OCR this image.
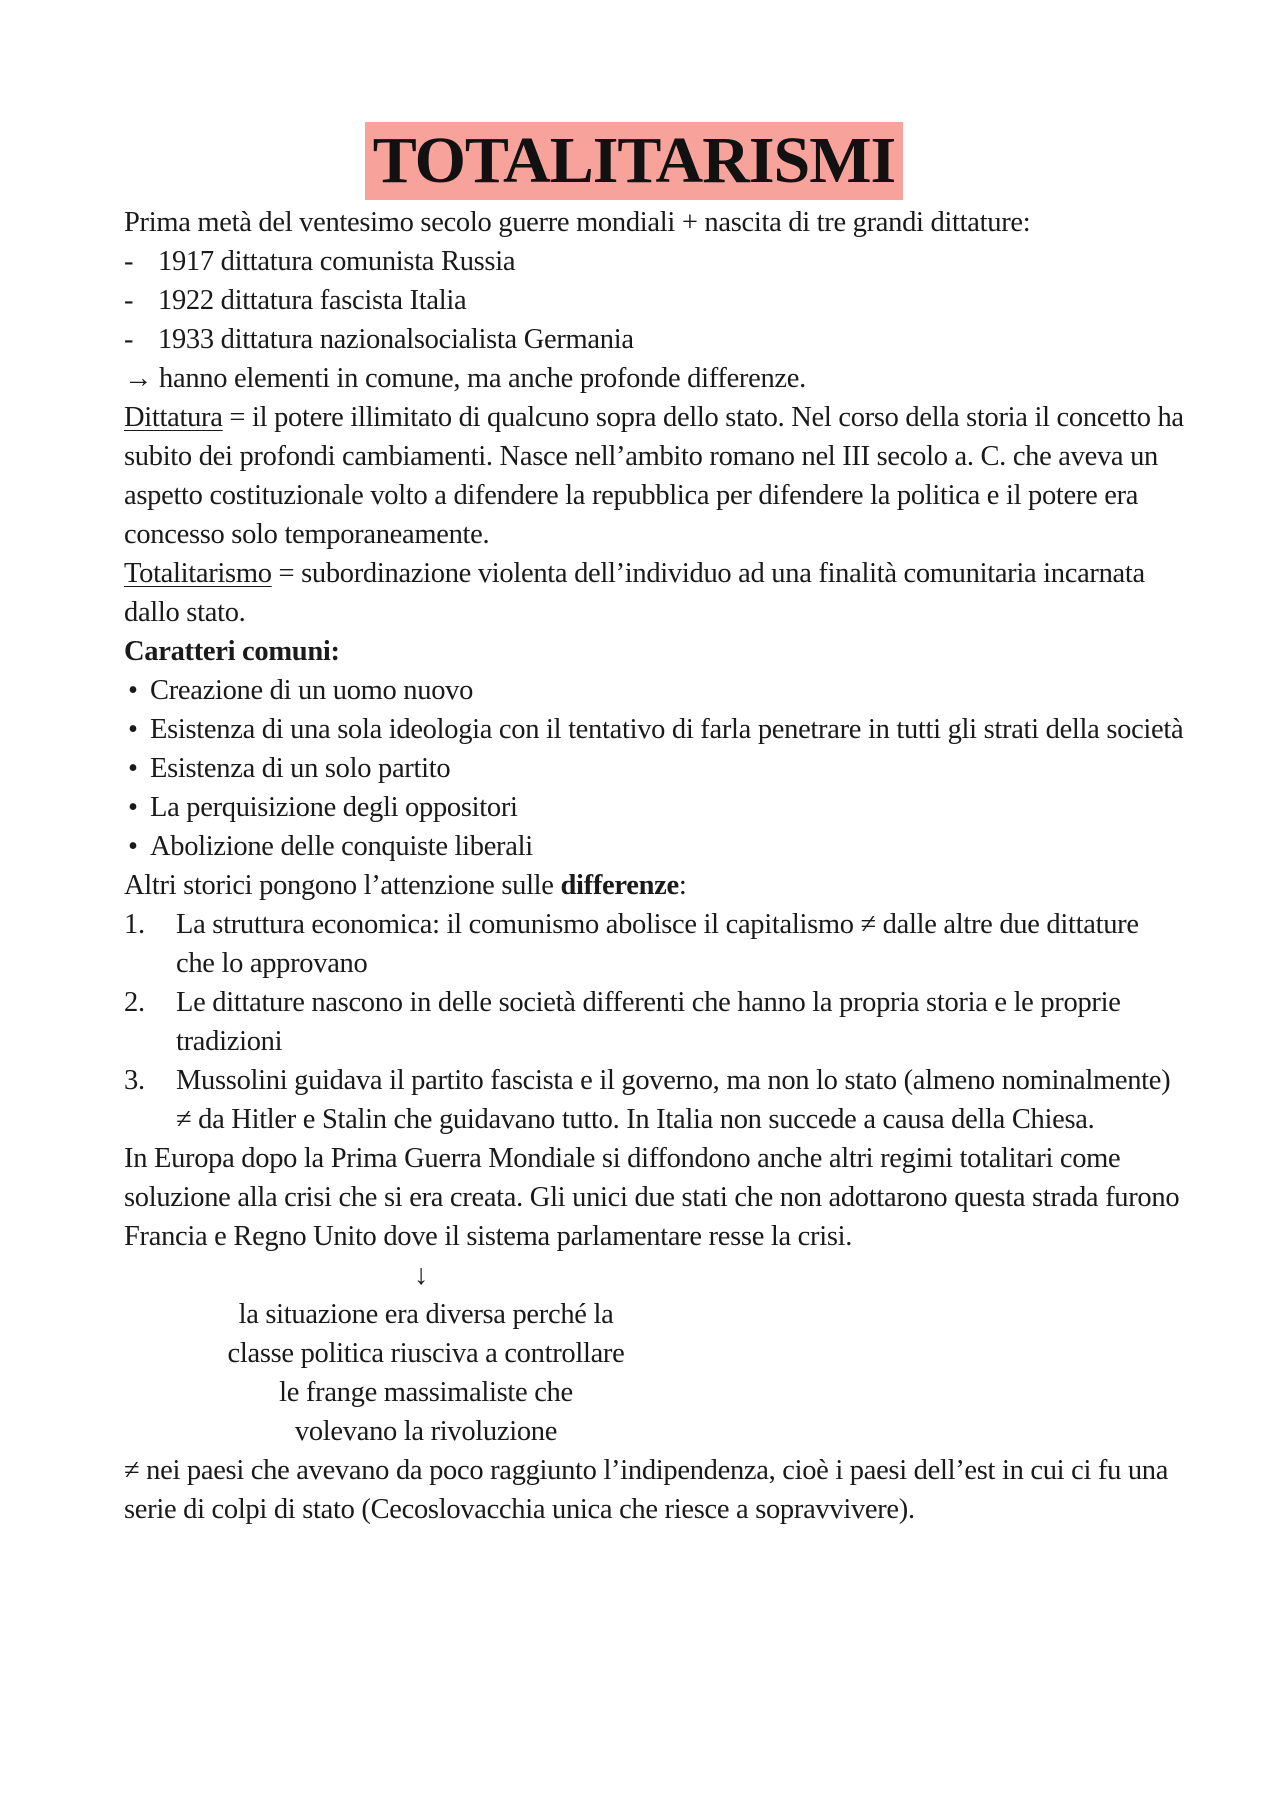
TOTALITARISMI

Prima metà del ventesimo secolo guerre mondiali + nascita di tre grandi dittature:

- 1917 dittatura comunista Russia
- 1922 dittatura fascista Italia
- 1933 dittatura nazionalsocialista Germania

→ hanno elementi in comune, ma anche profonde differenze.

Dittatura = il potere illimitato di qualcuno sopra dello stato. Nel corso della storia il concetto ha subito dei profondi cambiamenti. Nasce nell’ambito romano nel III secolo a. C. che aveva un aspetto costituzionale volto a difendere la repubblica per difendere la politica e il potere era concesso solo temporaneamente.

Totalitarismo = subordinazione violenta dell’individuo ad una finalità comunitaria incarnata dallo stato.

Caratteri comuni:

• Creazione di un uomo nuovo
• Esistenza di una sola ideologia con il tentativo di farla penetrare in tutti gli strati della società
• Esistenza di un solo partito
• La perquisizione degli oppositori
• Abolizione delle conquiste liberali

Altri storici pongono l’attenzione sulle differenze:

1. La struttura economica: il comunismo abolisce il capitalismo ≠ dalle altre due dittature che lo approvano
2. Le dittature nascono in delle società differenti che hanno la propria storia e le proprie tradizioni
3. Mussolini guidava il partito fascista e il governo, ma non lo stato (almeno nominalmente) ≠ da Hitler e Stalin che guidavano tutto. In Italia non succede a causa della Chiesa.

In Europa dopo la Prima Guerra Mondiale si diffondono anche altri regimi totalitari come soluzione alla crisi che si era creata. Gli unici due stati che non adottarono questa strada furono Francia e Regno Unito dove il sistema parlamentare resse la crisi.

↓
la situazione era diversa perché la
classe politica riusciva a controllare
le frange massimaliste che
volevano la rivoluzione

≠ nei paesi che avevano da poco raggiunto l’indipendenza, cioè i paesi dell’est in cui ci fu una serie di colpi di stato (Cecoslovacchia unica che riesce a sopravvivere).
